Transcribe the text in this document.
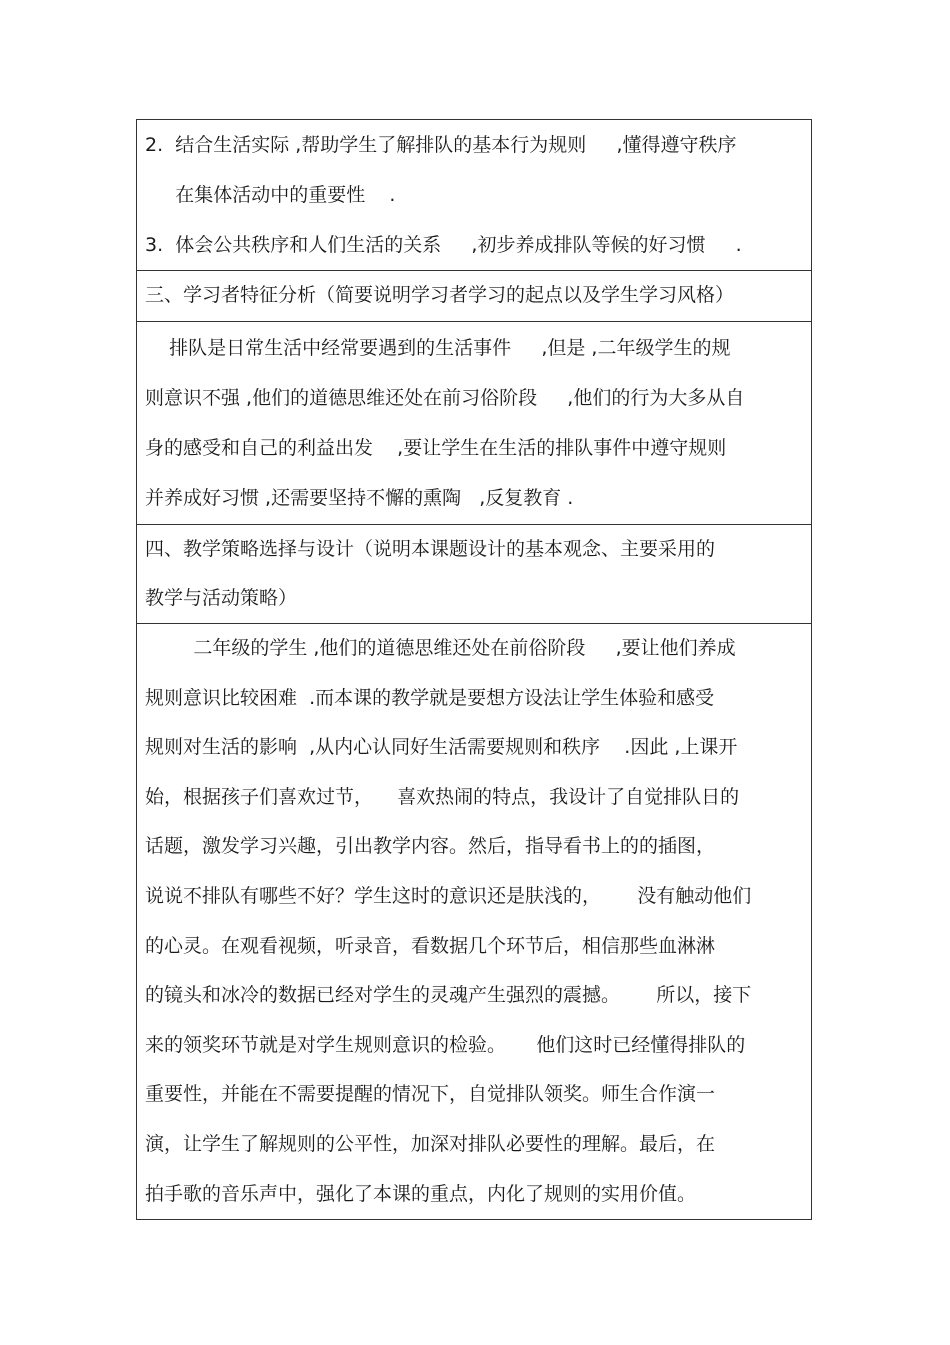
2.  结合生活实际 ,帮助学生了解排队的基本行为规则     ,懂得遵守秩序
在集体活动中的重要性    .
3.  体会公共秩序和人们生活的关系     ,初步养成排队等候的好习惯     .
三、学习者特征分析（简要说明学习者学习的起点以及学生学习风格）
排队是日常生活中经常要遇到的生活事件     ,但是 ,二年级学生的规
则意识不强 ,他们的道德思维还处在前习俗阶段     ,他们的行为大多从自
身的感受和自己的利益出发    ,要让学生在生活的排队事件中遵守规则
并养成好习惯 ,还需要坚持不懈的熏陶   ,反复教育 .
四、教学策略选择与设计（说明本课题设计的基本观念、主要采用的
教学与活动策略）
二年级的学生 ,他们的道德思维还处在前俗阶段     ,要让他们养成
规则意识比较困难  .而本课的教学就是要想方设法让学生体验和感受
规则对生活的影响  ,从内心认同好生活需要规则和秩序    .因此 ,上课开
始，根据孩子们喜欢过节，    喜欢热闹的特点，我设计了自觉排队日的
话题，激发学习兴趣，引出教学内容。然后，指导看书上的的插图，
说说不排队有哪些不好？学生这时的意识还是肤浅的，      没有触动他们
的心灵。在观看视频，听录音，看数据几个环节后，相信那些血淋淋
的镜头和冰冷的数据已经对学生的灵魂产生强烈的震撼。      所以，接下
来的领奖环节就是对学生规则意识的检验。     他们这时已经懂得排队的
重要性，并能在不需要提醒的情况下，自觉排队领奖。师生合作演一
演，让学生了解规则的公平性，加深对排队必要性的理解。最后，在
拍手歌的音乐声中，强化了本课的重点，内化了规则的实用价值。
